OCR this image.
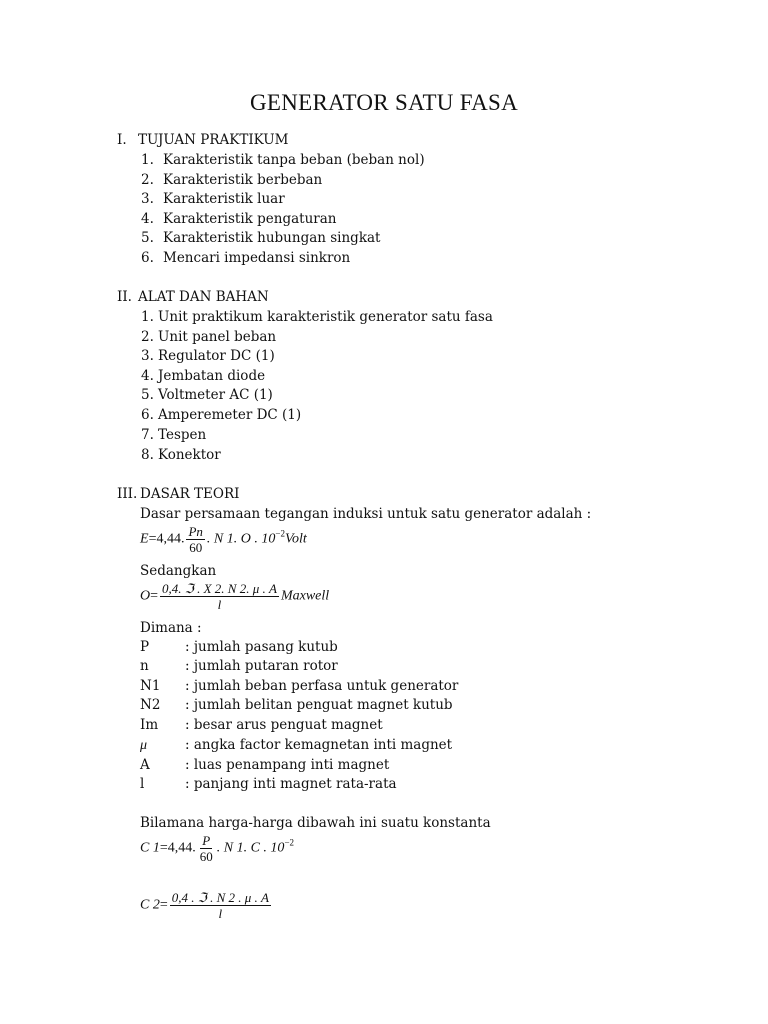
GENERATOR SATU FASA
I. TUJUAN PRAKTIKUM
1. Karakteristik tanpa beban (beban nol)
2. Karakteristik berbeban
3. Karakteristik luar
4. Karakteristik pengaturan
5. Karakteristik hubungan singkat
6. Mencari impedansi sinkron
II. ALAT DAN BAHAN
1. Unit praktikum karakteristik generator satu fasa
2. Unit panel beban
3. Regulator DC (1)
4. Jembatan diode
5. Voltmeter AC (1)
6. Amperemeter DC (1)
7. Tespen
8. Konektor
III. DASAR TEORI
Dasar persamaan tegangan induksi untuk satu generator adalah :
E=4,44. $\frac{Pn}{60}$ . N 1. O . $10^{-2}Volt$
Sedangkan
$O= \frac{\text{0,4. ℑ . X 2. N 2. μ . A}}{l}$ Maxwell
Dimana :
P	: jumlah pasang kutub
n	: jumlah putaran rotor
N1 : jumlah beban perfasa untuk generator
N2 : jumlah belitan penguat magnet kutub
Im : besar arus penguat magnet
μ	: angka factor kemagnetan inti magnet
A	: luas penampang inti magnet
l	: panjang inti magnet rata-rata
Bilamana harga-harga dibawah ini suatu konstanta
C 1=4,44. $\frac{P}{60}$ . N 1. C . $10^{-2}$
C $2= \frac{\text{0,4 . ℑ . N 2 . μ . A}}{l}$
